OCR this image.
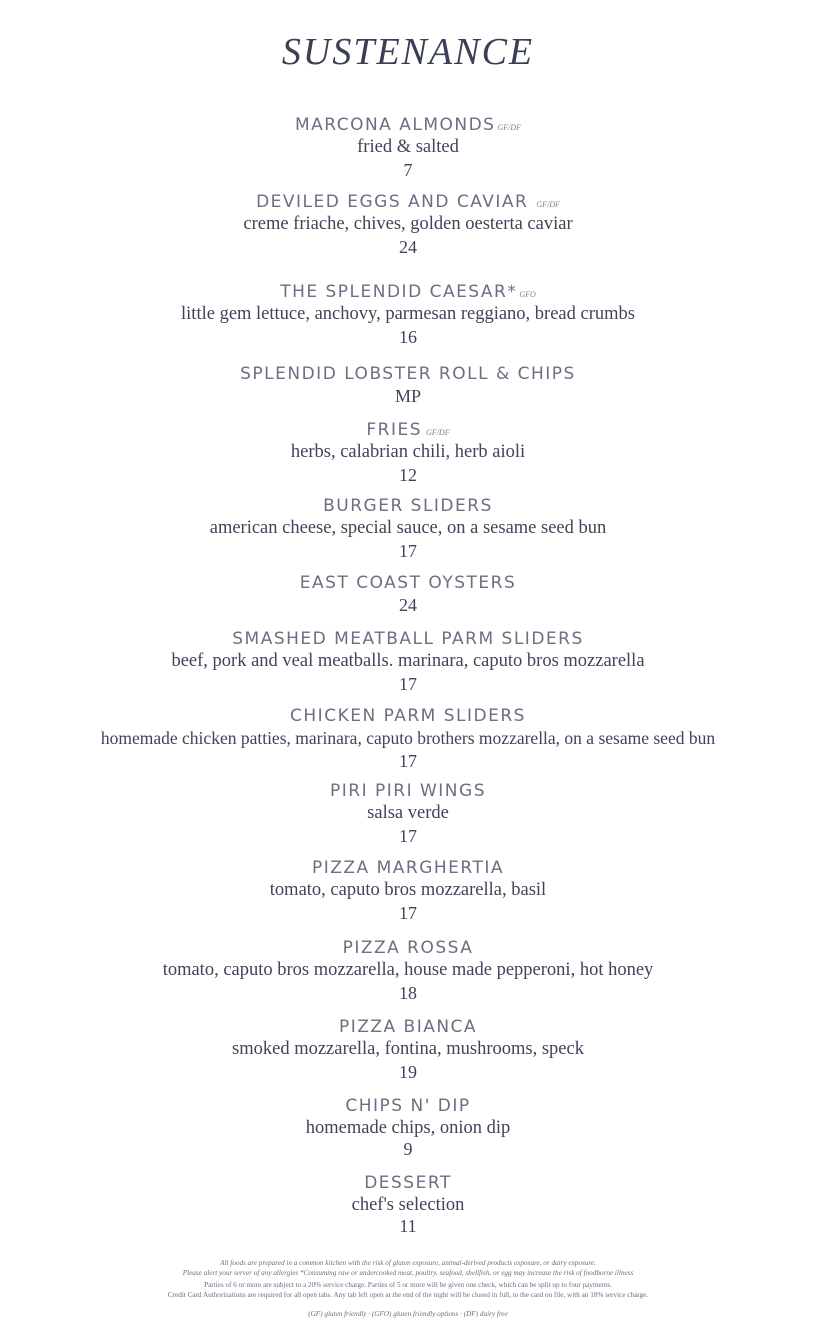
SUSTENANCE
MARCONA ALMONDS GF/DF
fried & salted
7
DEVILED EGGS AND CAVIAR GF/DF
creme friache, chives, golden oesterta caviar
24
THE SPLENDID CAESAR* GFO
little gem lettuce, anchovy, parmesan reggiano, bread crumbs
16
SPLENDID LOBSTER ROLL & CHIPS
MP
FRIES GF/DF
herbs, calabrian chili, herb aioli
12
BURGER SLIDERS
american cheese, special sauce, on a sesame seed bun
17
EAST COAST OYSTERS
24
SMASHED MEATBALL PARM SLIDERS
beef, pork and veal meatballs. marinara, caputo bros mozzarella
17
CHICKEN PARM SLIDERS
homemade chicken patties, marinara, caputo brothers mozzarella, on a sesame seed bun
17
PIRI PIRI WINGS
salsa verde
17
PIZZA MARGHERTIA
tomato, caputo bros mozzarella, basil
17
PIZZA ROSSA
tomato, caputo bros mozzarella, house made pepperoni, hot honey
18
PIZZA BIANCA
smoked mozzarella, fontina, mushrooms, speck
19
CHIPS N' DIP
homemade chips, onion dip
9
DESSERT
chef's selection
11
All foods are prepared in a common kitchen with the risk of gluten exposure, animal-derived products exposure, or dairy exposure.
Please alert your server of any allergies *Consuming raw or undercooked meat, poultry, seafood, shellfish, or egg may increase the risk of foodborne illness
Parties of 6 or more are subject to a 20% service charge. Parties of 5 or more will be given one check, which can be split up to four payments.
Credit Card Authorizations are required for all open tabs. Any tab left open at the end of the night will be closed in full, to the card on file, with an 18% service charge.
(GF) gluten friendly · (GFO) gluten friendly options · (DF) dairy free
